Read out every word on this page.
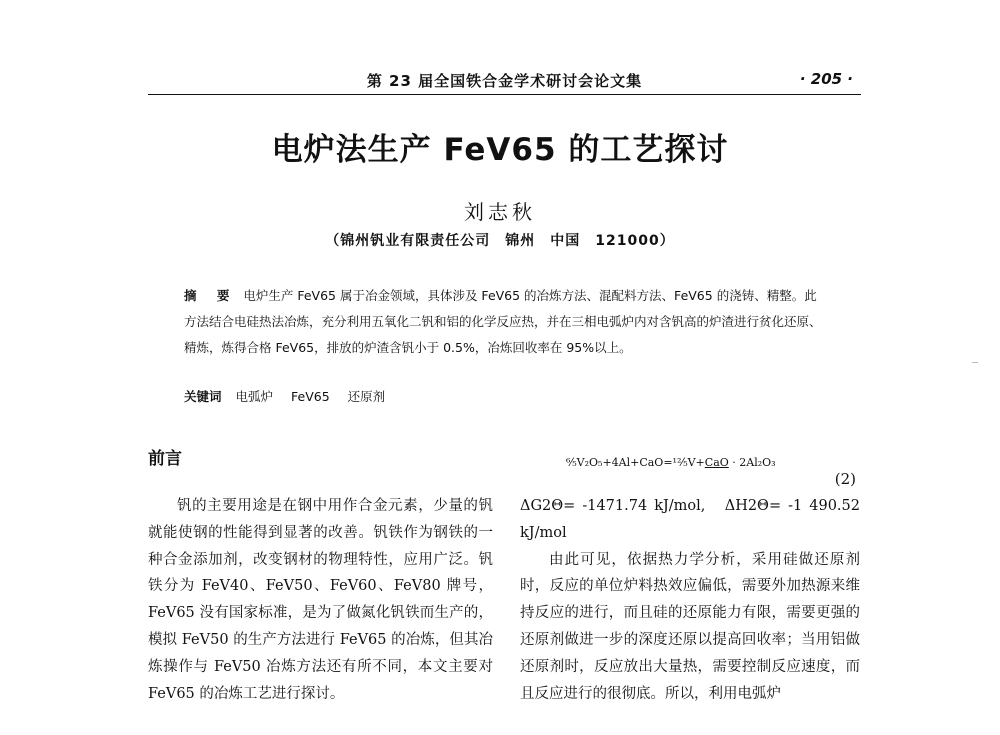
第 23 届全国铁合金学术研讨会论文集	· 205 ·
电炉法生产 FeV65 的工艺探讨
刘志秋
（锦州钒业有限责任公司　锦州　中国　121000）
摘 要 电炉生产 FeV65 属于冶金领域，具体涉及 FeV65 的冶炼方法、混配料方法、FeV65 的浇铸、精整。此方法结合电硅热法冶炼，充分利用五氧化二钒和铝的化学反应热，并在三相电弧炉内对含钒高的炉渣进行贫化还原、精炼，炼得合格 FeV65，排放的炉渣含钒小于 0.5%，冶炼回收率在 95%以上。
关键词 电弧炉 FeV65 还原剂
前言

钒的主要用途是在钢中用作合金元素，少量的钒就能使钢的性能得到显著的改善。钒铁作为钢铁的一种合金添加剂，改变钢材的物理特性，应用广泛。钒铁分为 FeV40、FeV50、FeV60、FeV80 牌号，FeV65 没有国家标准，是为了做氮化钒铁而生产的，模拟 FeV50 的生产方法进行 FeV65 的冶炼，但其冶炼操作与 FeV50 冶炼方法还有所不同，本文主要对 FeV65 的冶炼工艺进行探讨。

⁶⁄₅V₂O₅+4Al+CaO=¹²⁄₅V+CaO · 2Al₂O₃
(2)

ΔG2Θ= -1471.74 kJ/mol,　ΔH2Θ= -1 490.52 kJ/mol

由此可见，依据热力学分析，采用硅做还原剂时，反应的单位炉料热效应偏低，需要外加热源来维持反应的进行，而且硅的还原能力有限，需要更强的还原剂做进一步的深度还原以提高回收率；当用铝做还原剂时，反应放出大量热，需要控制反应速度，而且反应进行的很彻底。所以，利用电弧炉
